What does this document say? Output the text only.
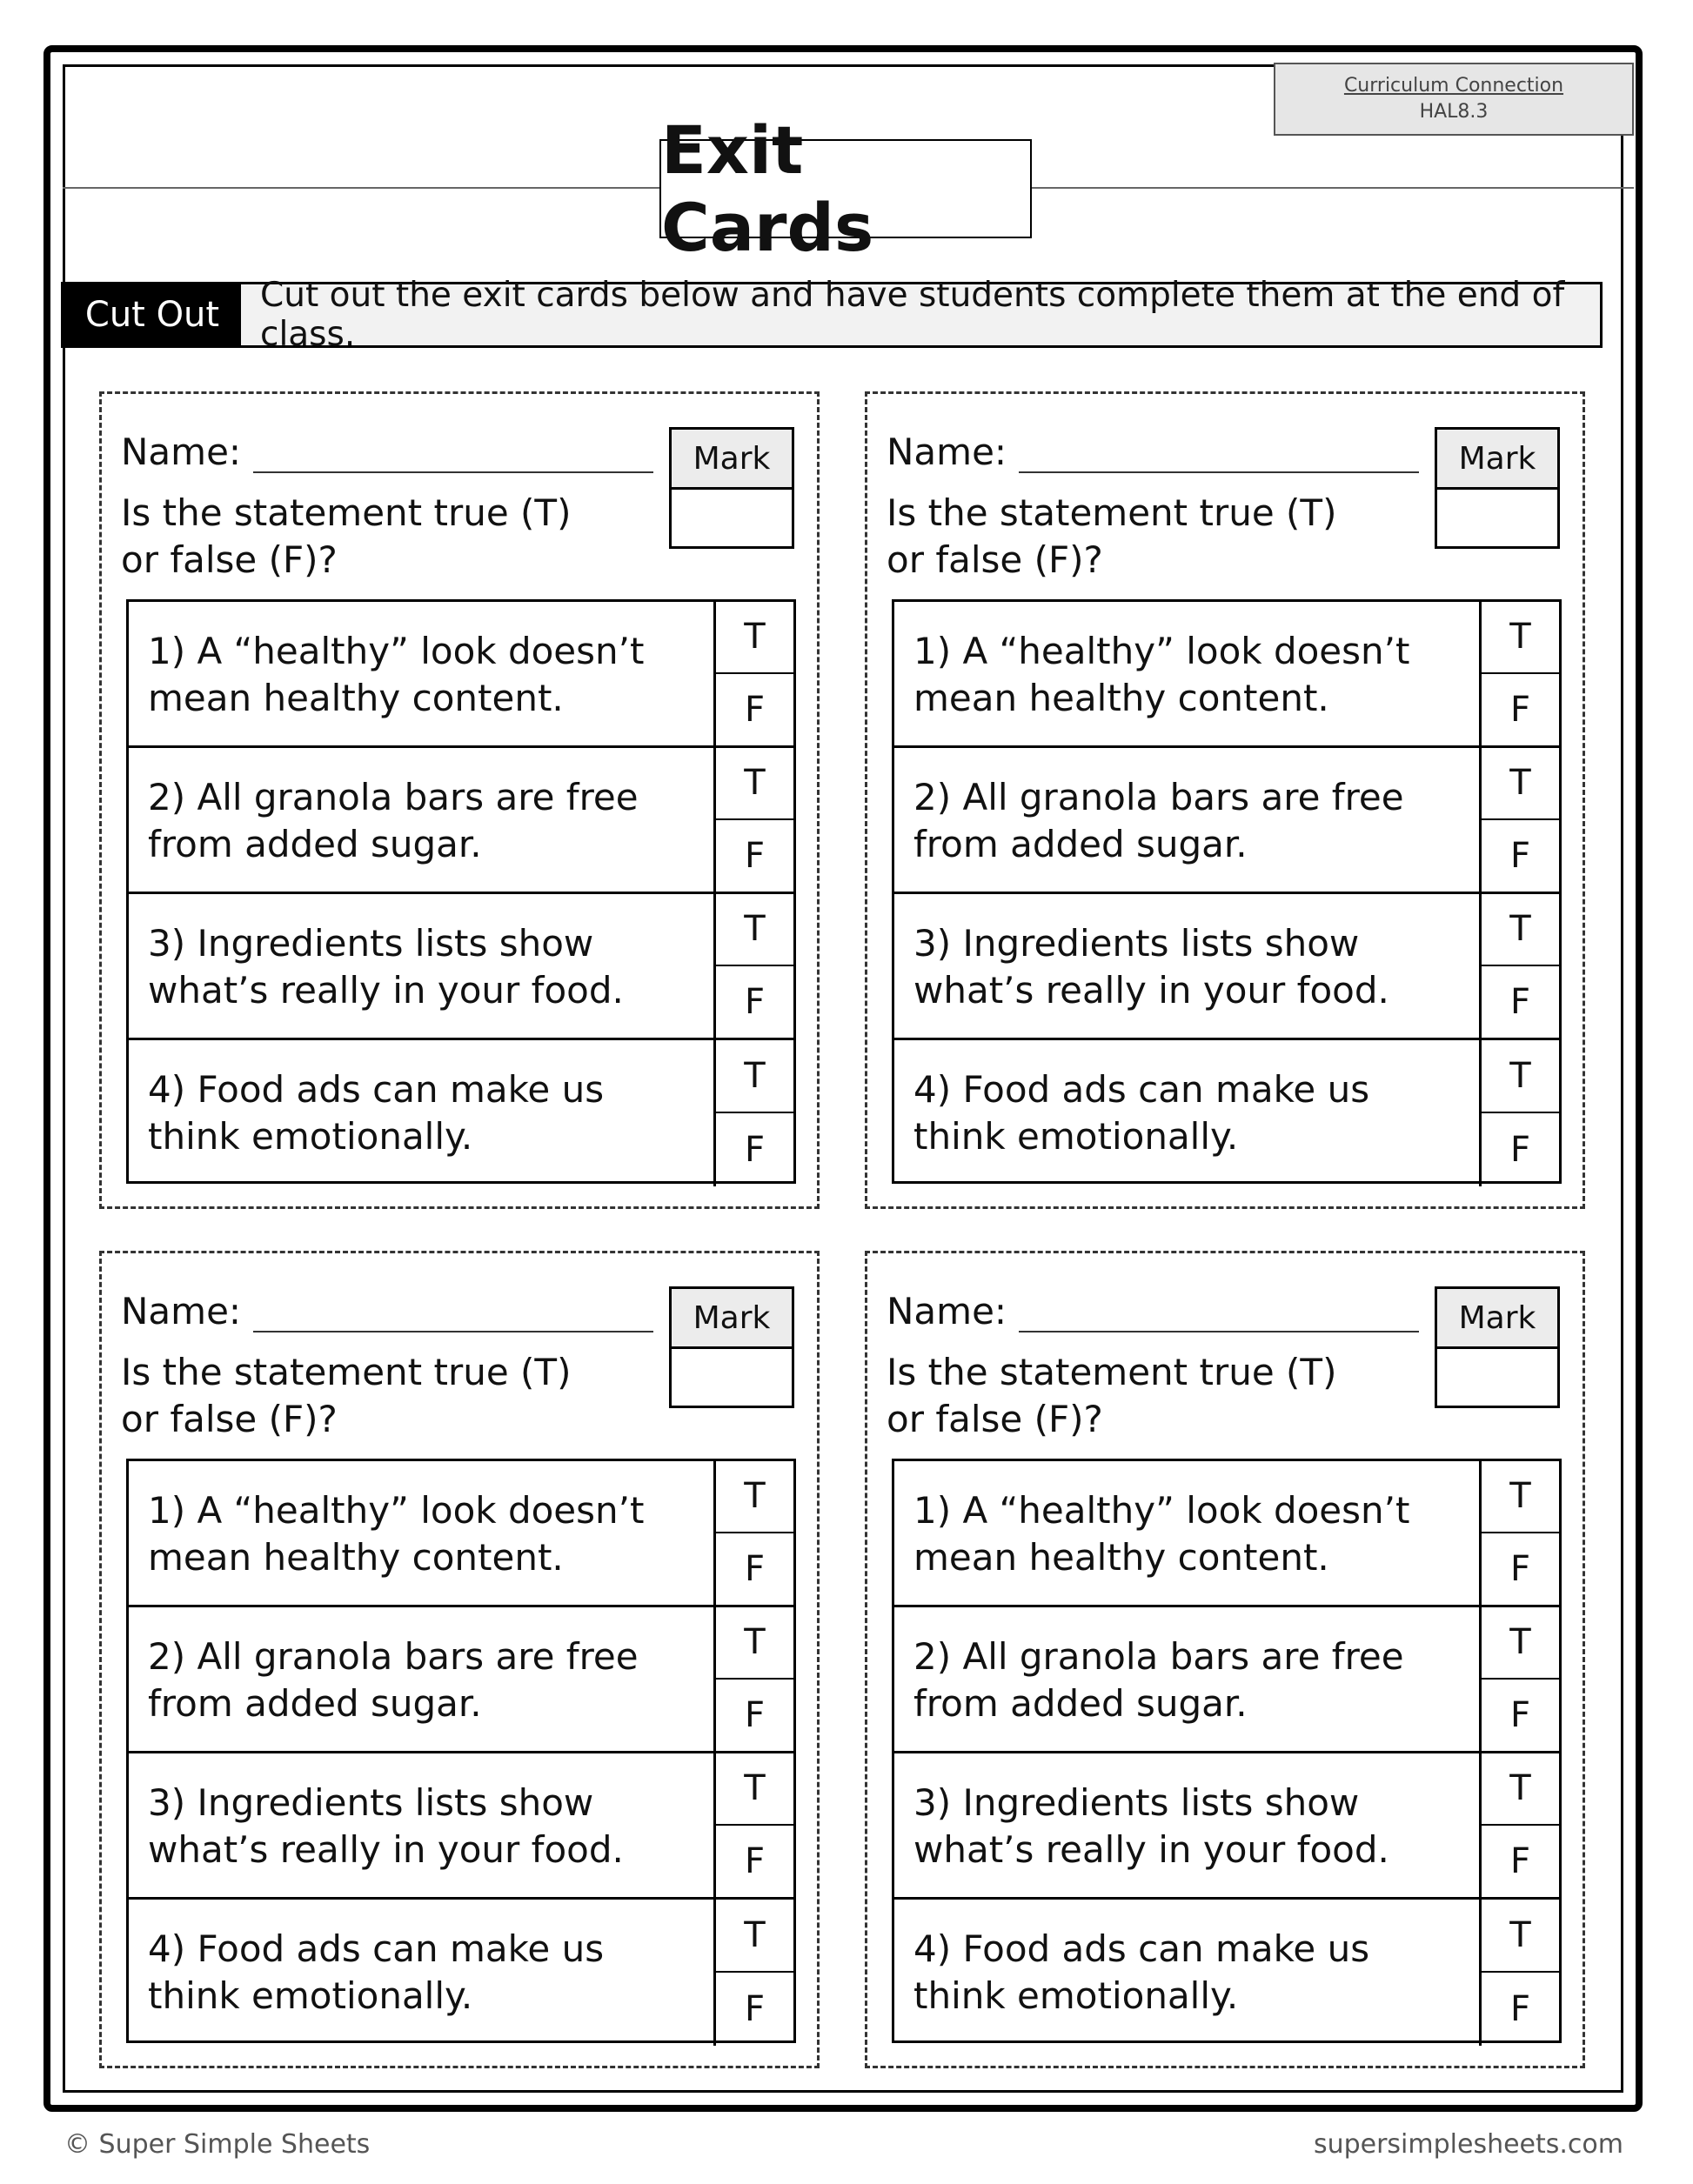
Curriculum Connection
HAL8.3
Exit Cards
Cut Out	Cut out the exit cards below and have students complete them at the end of class.
Name:
Is the statement true (T) or false (F)?
Mark
1) A “healthy” look doesn’t mean healthy content.
T
F
2) All granola bars are free from added sugar.
T
F
3) Ingredients lists show what’s really in your food.
T
F
4) Food ads can make us think emotionally.
T
F
Name:
Is the statement true (T) or false (F)?
Mark
1) A “healthy” look doesn’t mean healthy content.
T
F
2) All granola bars are free from added sugar.
T
F
3) Ingredients lists show what’s really in your food.
T
F
4) Food ads can make us think emotionally.
T
F
Name:
Is the statement true (T) or false (F)?
Mark
1) A “healthy” look doesn’t mean healthy content.
T
F
2) All granola bars are free from added sugar.
T
F
3) Ingredients lists show what’s really in your food.
T
F
4) Food ads can make us think emotionally.
T
F
Name:
Is the statement true (T) or false (F)?
Mark
1) A “healthy” look doesn’t mean healthy content.
T
F
2) All granola bars are free from added sugar.
T
F
3) Ingredients lists show what’s really in your food.
T
F
4) Food ads can make us think emotionally.
T
F
© Super Simple Sheets	supersimplesheets.com
